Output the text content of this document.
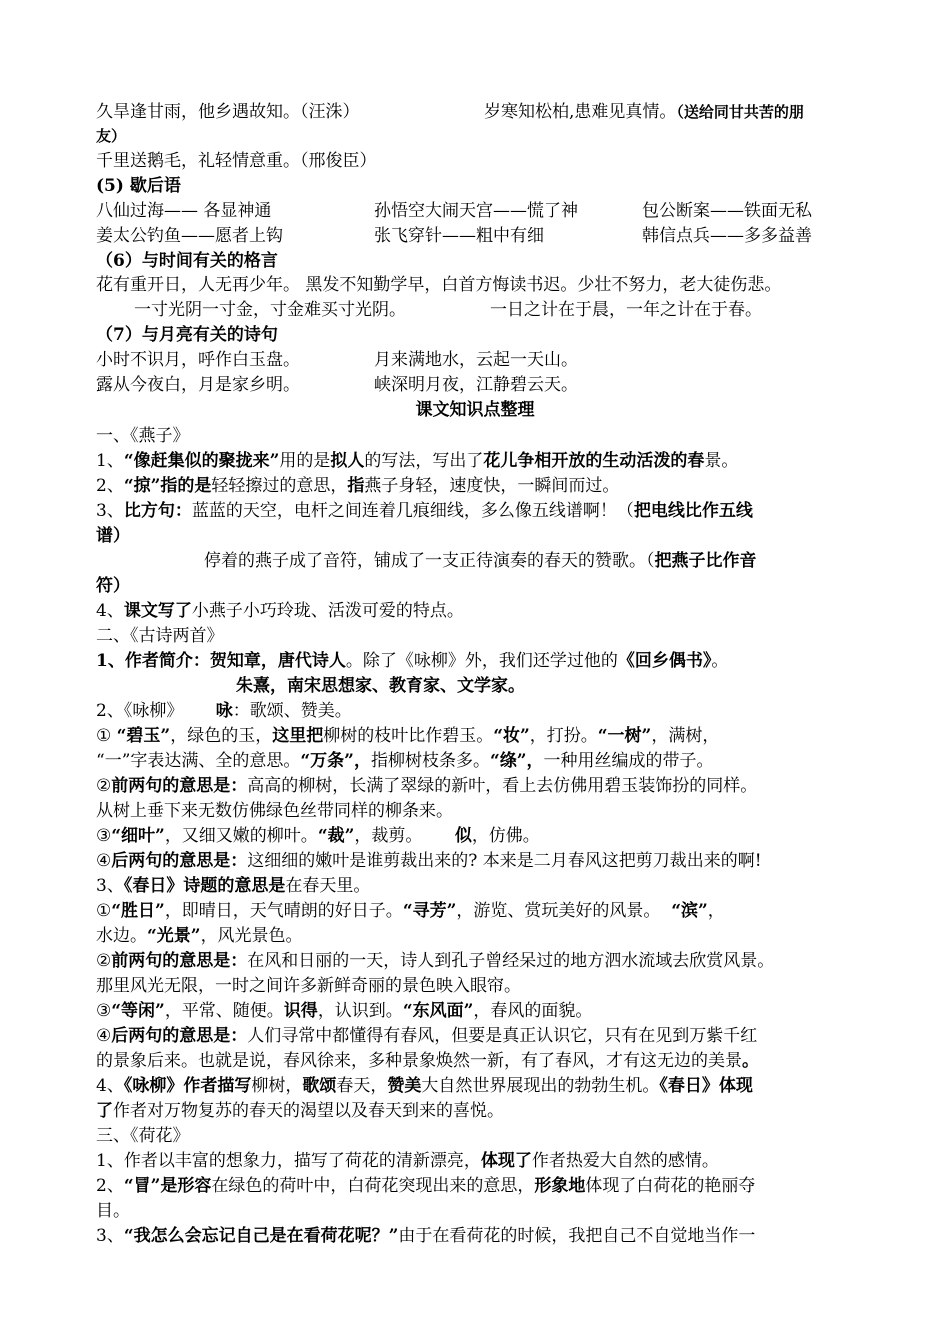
久旱逢甘雨，他乡遇故知。（汪洙）	岁寒知松柏,患难见真情。（送给同甘共苦的朋
友）
千里送鹅毛，礼轻情意重。（邢俊臣）
(5) 歇后语
八仙过海—— 各显神通	孙悟空大闹天宫——慌了神	包公断案——铁面无私
姜太公钓鱼——愿者上钩	张飞穿针——粗中有细	韩信点兵——多多益善
（6）与时间有关的格言
花有重开日，人无再少年。 黑发不知勤学早，白首方悔读书迟。少壮不努力，老大徒伤悲。
一寸光阴一寸金，寸金难买寸光阴。	一日之计在于晨，一年之计在于春。
（7）与月亮有关的诗句
小时不识月，呼作白玉盘。	月来满地水，云起一天山。
露从今夜白，月是家乡明。	峡深明月夜，江静碧云天。
课文知识点整理
一、《燕子》
1、“像赶集似的聚拢来”用的是拟人的写法，写出了花儿争相开放的生动活泼的春景。
2、“掠”指的是轻轻擦过的意思，指燕子身轻，速度快，一瞬间而过。
3、比方句：蓝蓝的天空，电杆之间连着几痕细线，多么像五线谱啊！（把电线比作五线
谱）
停着的燕子成了音符，铺成了一支正待演奏的春天的赞歌。（把燕子比作音
符）
4、课文写了小燕子小巧玲珑、活泼可爱的特点。
二、《古诗两首》
1、作者简介：贺知章，唐代诗人。除了《咏柳》外，我们还学过他的《回乡偶书》。
朱熹，南宋思想家、教育家、文学家。
2、《咏柳》 咏：歌颂、赞美。
① “碧玉”，绿色的玉，这里把柳树的枝叶比作碧玉。“妆”，打扮。“一树”，满树，
“一”字表达满、全的意思。“万条”，指柳树枝条多。“绦”，一种用丝编成的带子。
②前两句的意思是：高高的柳树，长满了翠绿的新叶，看上去仿佛用碧玉装饰扮的同样。
从树上垂下来无数仿佛绿色丝带同样的柳条来。
③“细叶”，又细又嫩的柳叶。“裁”，裁剪。 似，仿佛。
④后两句的意思是：这细细的嫩叶是谁剪裁出来的? 本来是二月春风这把剪刀裁出来的啊!
3、《春日》诗题的意思是在春天里。
①“胜日”，即晴日，天气晴朗的好日子。“寻芳”，游览、赏玩美好的风景。 “滨”，
水边。“光景”，风光景色。
②前两句的意思是：在风和日丽的一天，诗人到孔子曾经呆过的地方泗水流域去欣赏风景。
那里风光无限，一时之间许多新鲜奇丽的景色映入眼帘。
③“等闲”，平常、随便。识得，认识到。“东风面”，春风的面貌。
④后两句的意思是：人们寻常中都懂得有春风，但要是真正认识它，只有在见到万紫千红
的景象后来。也就是说，春风徐来，多种景象焕然一新，有了春风，才有这无边的美景。
4、《咏柳》作者描写柳树，歌颂春天，赞美大自然世界展现出的勃勃生机。《春日》体现
了作者对万物复苏的春天的渴望以及春天到来的喜悦。
三、《荷花》
1、作者以丰富的想象力，描写了荷花的清新漂亮，体现了作者热爱大自然的感情。
2、“冒”是形容在绿色的荷叶中，白荷花突现出来的意思，形象地体现了白荷花的艳丽夺
目。
3、“我怎么会忘记自己是在看荷花呢？”由于在看荷花的时候，我把自己不自觉地当作一
